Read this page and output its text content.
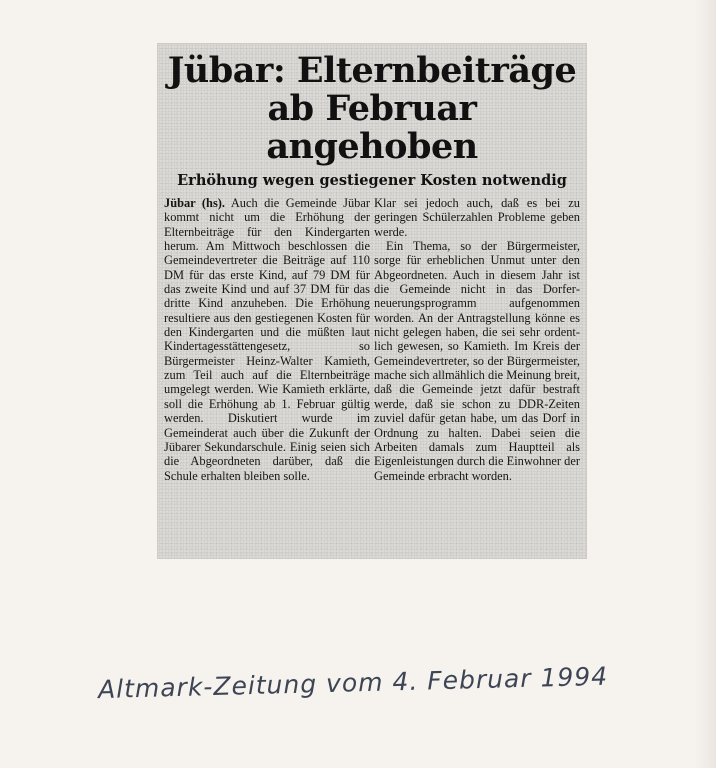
Jübar: Elternbeiträge
ab Februar angehoben
Erhöhung wegen gestiegener Kosten notwendig

Jübar (hs). Auch die Gemeinde Jübar kommt nicht um die Erhöhung der Elternbeiträge für den Kindergarten herum. Am Mittwoch beschlossen die Gemeindevertreter die Beiträge auf 110 DM für das erste Kind, auf 79 DM für das zweite Kind und auf 37 DM für das dritte Kind anzuheben. Die Erhöhung resultiere aus den gestiegenen Kosten für den Kindergarten und die müßten laut Kindertagesstättengesetz, so Bürgermeister Heinz-Walter Kamieth, zum Teil auch auf die Elternbeiträge umgelegt werden. Wie Kamieth erklärte, soll die Erhöhung ab 1. Februar gültig werden. Diskutiert wurde im Gemeinderat auch über die Zukunft der Jübarer Sekundarschule. Einig seien sich die Abgeordneten darüber, daß die Schule erhalten bleiben solle.

Klar sei jedoch auch, daß es bei zu geringen Schülerzahlen Probleme geben werde.

Ein Thema, so der Bürgermeister, sorge für erheblichen Unmut unter den Abgeordneten. Auch in diesem Jahr ist die Gemeinde nicht in das Dorferneuerungsprogramm aufgenommen worden. An der Antragstellung könne es nicht gelegen haben, die sei sehr ordentlich gewesen, so Kamieth. Im Kreis der Gemeindevertreter, so der Bürgermeister, mache sich allmählich die Meinung breit, daß die Gemeinde jetzt dafür bestraft werde, daß sie schon zu DDR-Zeiten zuviel dafür getan habe, um das Dorf in Ordnung zu halten. Dabei seien die Arbeiten damals zum Hauptteil als Eigenleistungen durch die Einwohner der Gemeinde erbracht worden.

Altmark-Zeitung vom 4. Februar 1994
